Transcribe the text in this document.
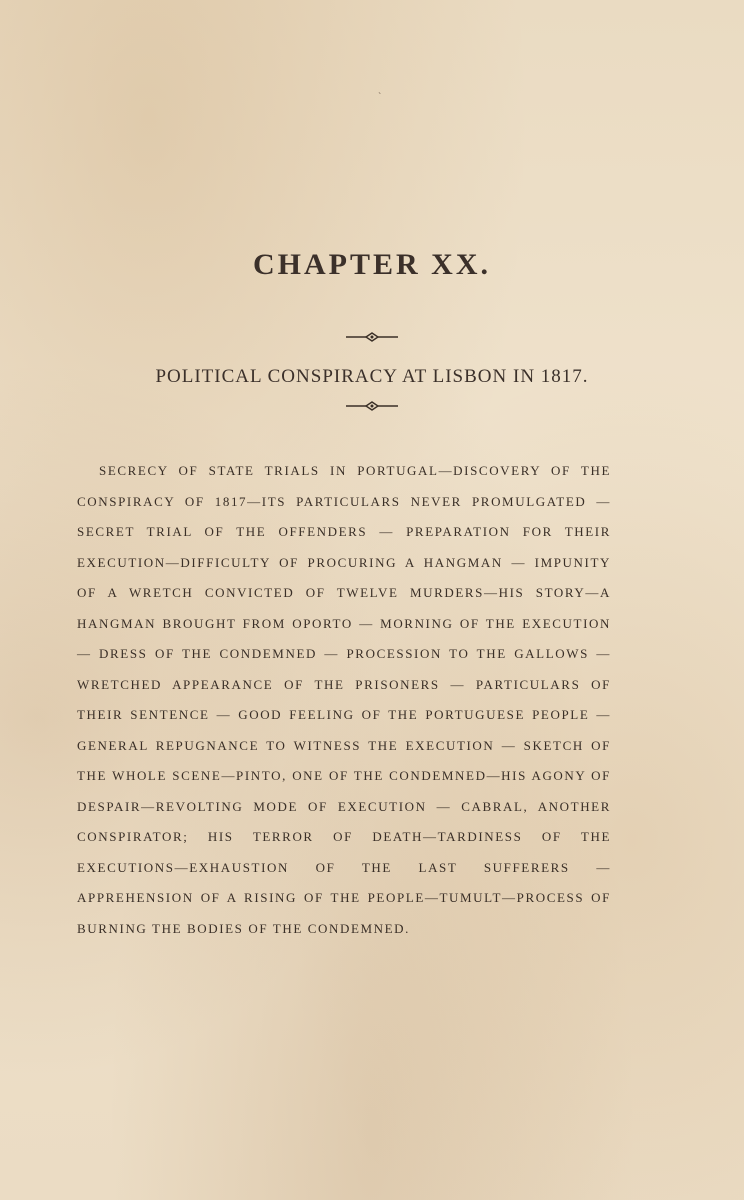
`
CHAPTER XX.
POLITICAL CONSPIRACY AT LISBON IN 1817.
SECRECY OF STATE TRIALS IN PORTUGAL—DISCOVERY OF THE CONSPIRACY OF 1817—ITS PARTICULARS NEVER PROMULGATED — SECRET TRIAL OF THE OFFENDERS — PREPARATION FOR THEIR EXECUTION—DIFFICULTY OF PROCURING A HANGMAN — IMPUNITY OF A WRETCH CONVICTED OF TWELVE MURDERS—HIS STORY—A HANGMAN BROUGHT FROM OPORTO — MORNING OF THE EXECUTION — DRESS OF THE CONDEMNED — PROCESSION TO THE GALLOWS — WRETCHED APPEARANCE OF THE PRISONERS — PARTICULARS OF THEIR SENTENCE — GOOD FEELING OF THE PORTUGUESE PEOPLE — GENERAL REPUGNANCE TO WITNESS THE EXECUTION — SKETCH OF THE WHOLE SCENE—PINTO, ONE OF THE CONDEMNED—HIS AGONY OF DESPAIR—REVOLTING MODE OF EXECUTION — CABRAL, ANOTHER CONSPIRATOR; HIS TERROR OF DEATH—TARDINESS OF THE EXECUTIONS—EXHAUSTION OF THE LAST SUFFERERS — APPREHENSION OF A RISING OF THE PEOPLE—TUMULT—PROCESS OF BURNING THE BODIES OF THE CONDEMNED.
